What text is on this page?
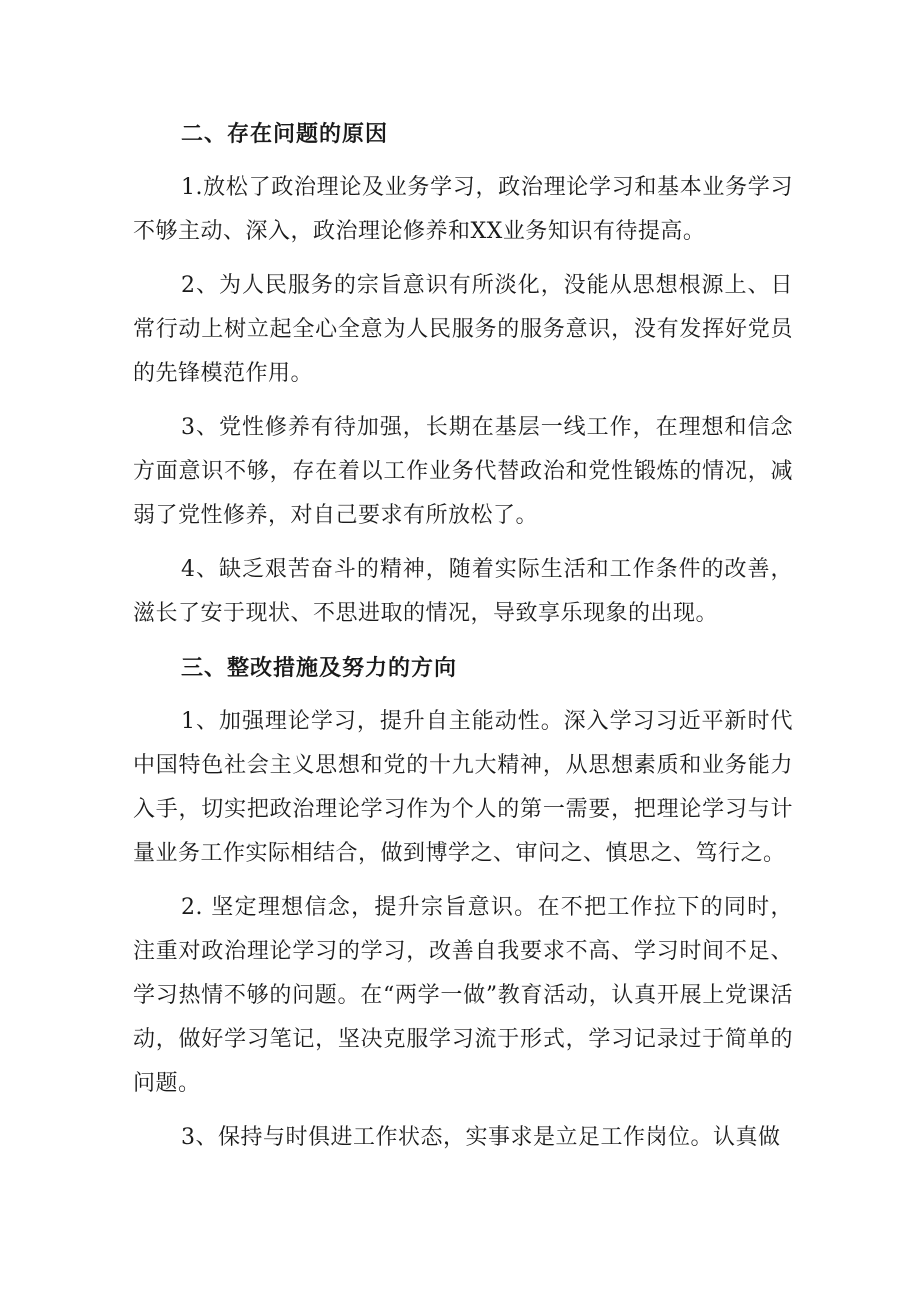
二、存在问题的原因

1.放松了政治理论及业务学习，政治理论学习和基本业务学习不够主动、深入，政治理论修养和XX业务知识有待提高。

2、为人民服务的宗旨意识有所淡化，没能从思想根源上、日常行动上树立起全心全意为人民服务的服务意识，没有发挥好党员的先锋模范作用。

3、党性修养有待加强，长期在基层一线工作，在理想和信念方面意识不够，存在着以工作业务代替政治和党性锻炼的情况，减弱了党性修养，对自己要求有所放松了。

4、缺乏艰苦奋斗的精神，随着实际生活和工作条件的改善，滋长了安于现状、不思进取的情况，导致享乐现象的出现。

三、整改措施及努力的方向

1、加强理论学习，提升自主能动性。深入学习习近平新时代中国特色社会主义思想和党的十九大精神，从思想素质和业务能力入手，切实把政治理论学习作为个人的第一需要，把理论学习与计量业务工作实际相结合，做到博学之、审问之、慎思之、笃行之。

2. 坚定理想信念，提升宗旨意识。在不把工作拉下的同时，注重对政治理论学习的学习，改善自我要求不高、学习时间不足、学习热情不够的问题。在“两学一做”教育活动，认真开展上党课活动，做好学习笔记，坚决克服学习流于形式，学习记录过于简单的问题。

3、保持与时俱进工作状态，实事求是立足工作岗位。认真做
